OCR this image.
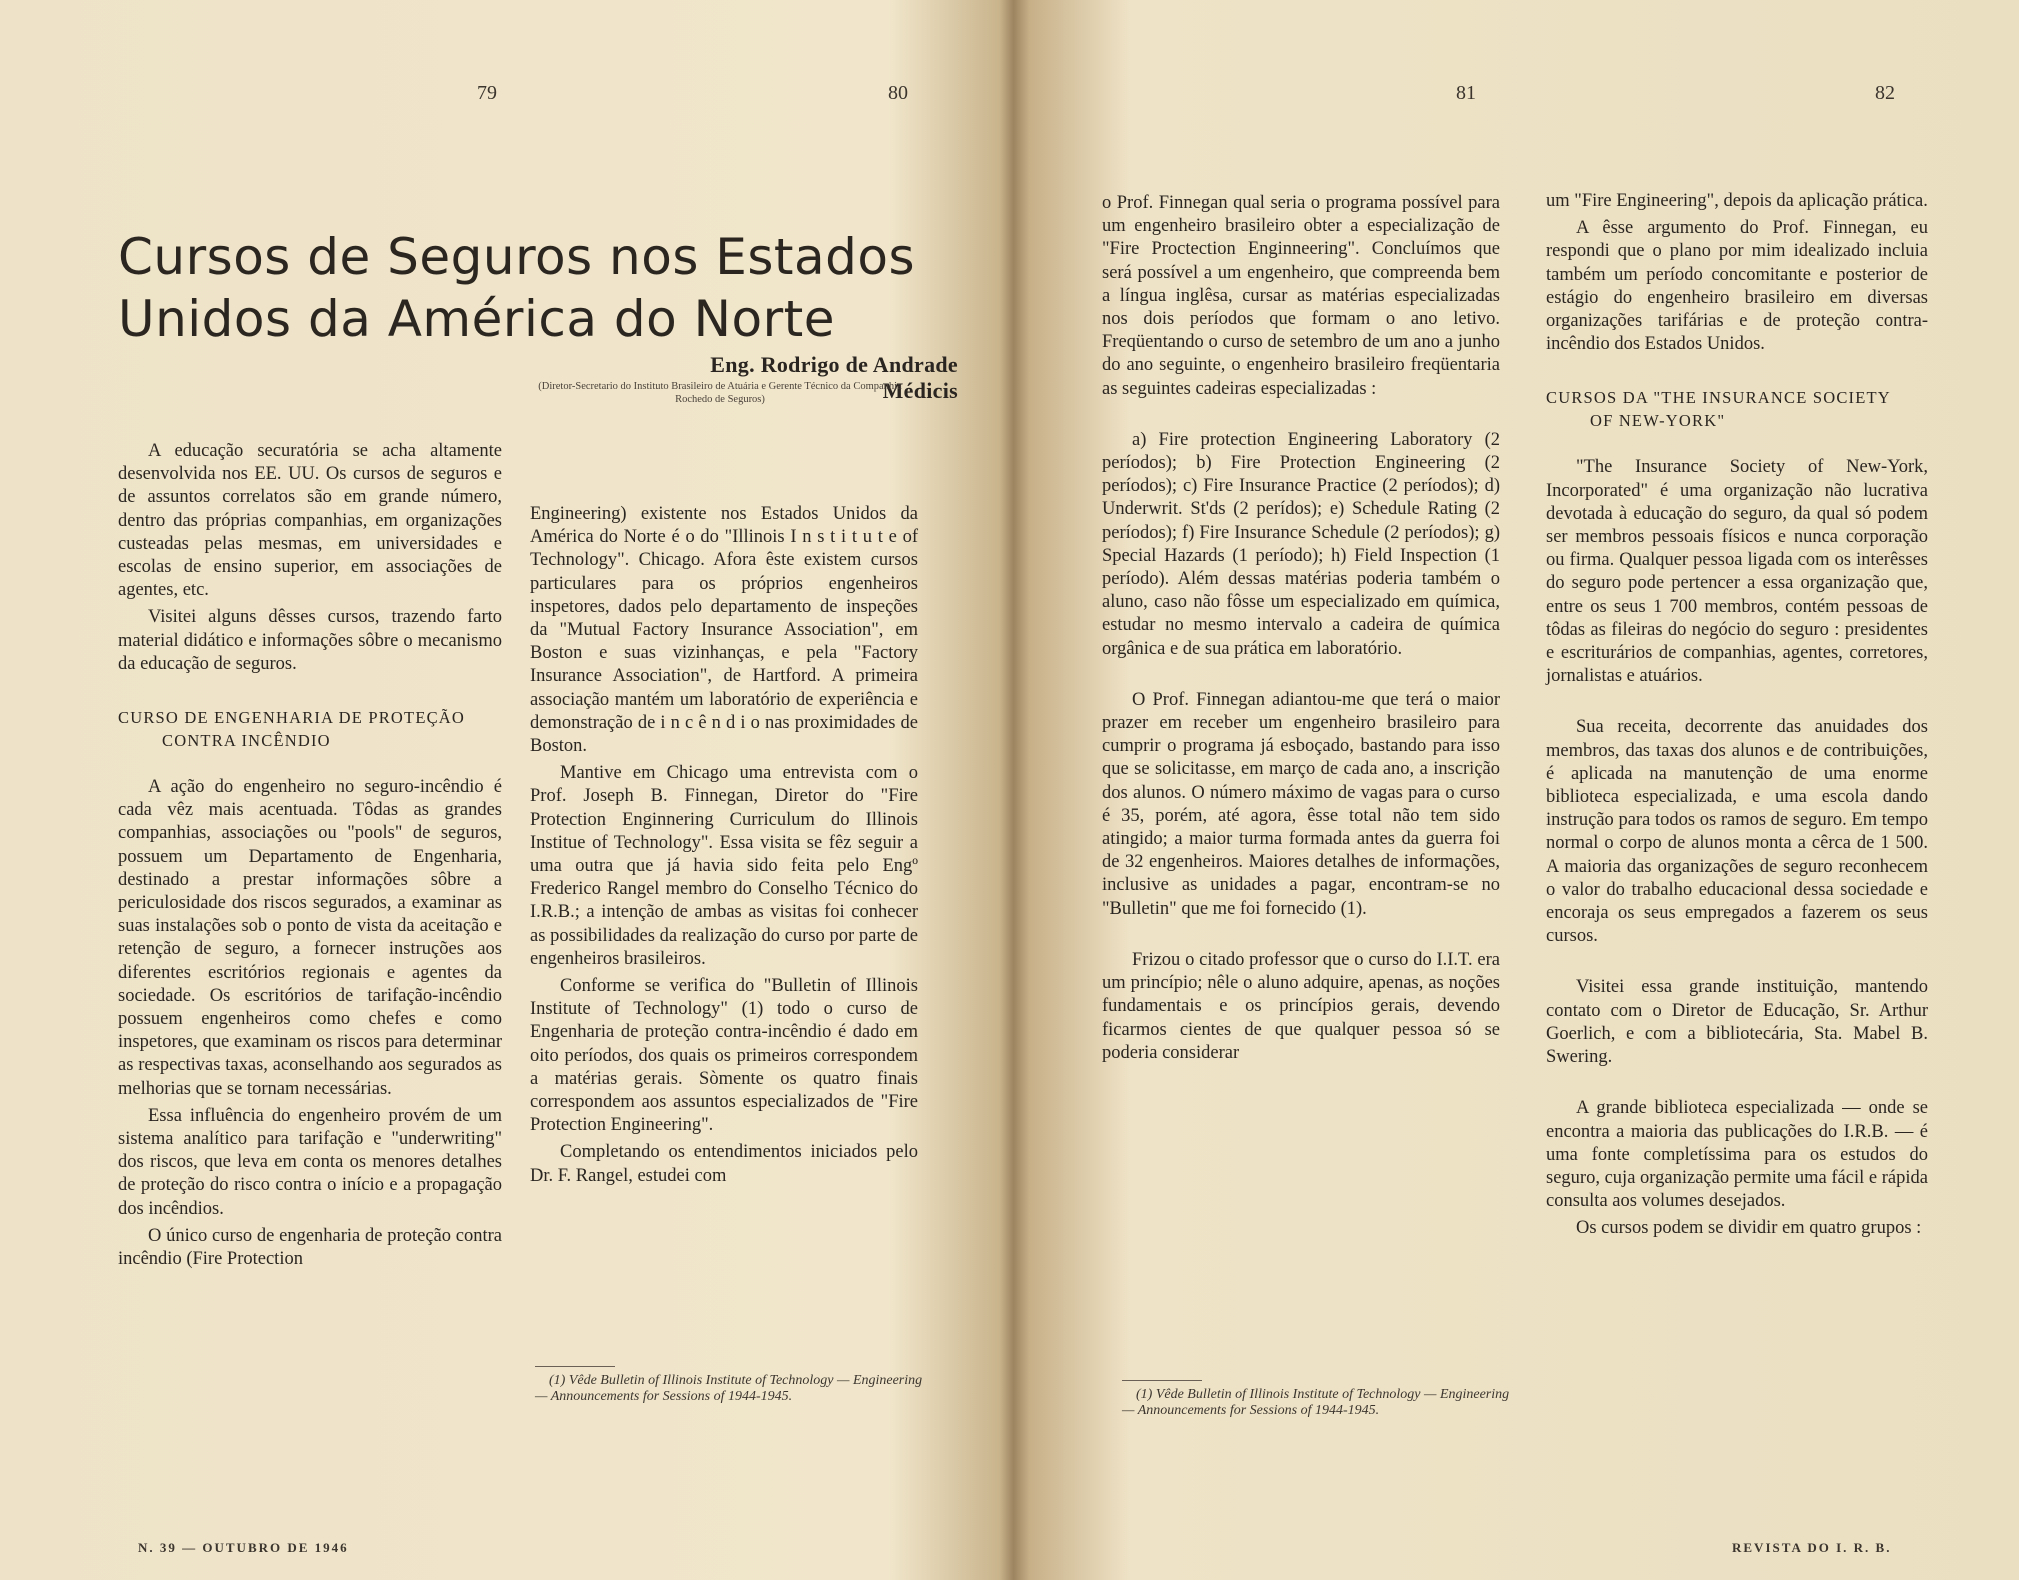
79	80
Cursos de Seguros nos Estados Unidos da América do Norte
Eng. Rodrigo de Andrade Médicis
(Diretor-Secretario do Instituto Brasileiro de Atuária e Gerente Técnico da Companhia Rochedo de Seguros)

A educação securatória se acha altamente desenvolvida nos EE. UU. Os cursos de seguros e de assuntos correlatos são em grande número, dentro das próprias companhias, em organizações custeadas pelas mesmas, em universidades e escolas de ensino superior, em associações de agentes, etc.

Visitei alguns dêsses cursos, trazendo farto material didático e informações sôbre o mecanismo da educação de seguros.

CURSO DE ENGENHARIA DE PROTEÇÃO
CONTRA INCÊNDIO

A ação do engenheiro no seguro-incêndio é cada vêz mais acentuada. Tôdas as grandes companhias, associações ou "pools" de seguros, possuem um Departamento de Engenharia, destinado a prestar informações sôbre a periculosidade dos riscos segurados, a examinar as suas instalações sob o ponto de vista da aceitação e retenção de seguro, a fornecer instruções aos diferentes escritórios regionais e agentes da sociedade. Os escritórios de tarifação-incêndio possuem engenheiros como chefes e como inspetores, que examinam os riscos para determinar as respectivas taxas, aconselhando aos segurados as melhorias que se tornam necessárias.

Essa influência do engenheiro provém de um sistema analítico para tarifação e "underwriting" dos riscos, que leva em conta os menores detalhes de proteção do risco contra o início e a propagação dos incêndios.

O único curso de engenharia de proteção contra incêndio (Fire Protection

Engineering) existente nos Estados Unidos da América do Norte é o do "Illinois I n s t i t u t e of Technology". Chicago. Afora êste existem cursos particulares para os próprios engenheiros inspetores, dados pelo departamento de inspeções da "Mutual Factory Insurance Association", em Boston e suas vizinhanças, e pela "Factory Insurance Association", de Hartford. A primeira associação mantém um laboratório de experiência e demonstração de i n c ê n d i o nas proximidades de Boston.

Mantive em Chicago uma entrevista com o Prof. Joseph B. Finnegan, Diretor do "Fire Protection Enginnering Curriculum do Illinois Institue of Technology". Essa visita se fêz seguir a uma outra que já havia sido feita pelo Engº Frederico Rangel membro do Conselho Técnico do I.R.B.; a intenção de ambas as visitas foi conhecer as possibilidades da realização do curso por parte de engenheiros brasileiros.

Conforme se verifica do "Bulletin of Illinois Institute of Technology" (1) todo o curso de Engenharia de proteção contra-incêndio é dado em oito períodos, dos quais os primeiros correspondem a matérias gerais. Sòmente os quatro finais correspondem aos assuntos especializados de "Fire Protection Engineering".

Completando os entendimentos iniciados pelo Dr. F. Rangel, estudei com

(1) Vêde Bulletin of Illinois Institute of Technology — Engineering — Announcements for Sessions of 1944-1945.
N. 39 — OUTUBRO DE 1946
81	82

o Prof. Finnegan qual seria o programa possível para um engenheiro brasileiro obter a especialização de "Fire Proctection Enginneering". Concluímos que será possível a um engenheiro, que compreenda bem a língua inglêsa, cursar as matérias especializadas nos dois períodos que formam o ano letivo. Freqüentando o curso de setembro de um ano a junho do ano seguinte, o engenheiro brasileiro freqüentaria as seguintes cadeiras especializadas :

a) Fire protection Engineering Laboratory (2 períodos); b) Fire Protection Engineering (2 períodos); c) Fire Insurance Practice (2 períodos); d) Underwrit. St'ds (2 perídos); e) Schedule Rating (2 períodos); f) Fire Insurance Schedule (2 períodos); g) Special Hazards (1 período); h) Field Inspection (1 período). Além dessas matérias poderia também o aluno, caso não fôsse um especializado em química, estudar no mesmo intervalo a cadeira de química orgânica e de sua prática em laboratório.

O Prof. Finnegan adiantou-me que terá o maior prazer em receber um engenheiro brasileiro para cumprir o programa já esboçado, bastando para isso que se solicitasse, em março de cada ano, a inscrição dos alunos. O número máximo de vagas para o curso é 35, porém, até agora, êsse total não tem sido atingido; a maior turma formada antes da guerra foi de 32 engenheiros. Maiores detalhes de informações, inclusive as unidades a pagar, encontram-se no "Bulletin" que me foi fornecido (1).

Frizou o citado professor que o curso do I.I.T. era um princípio; nêle o aluno adquire, apenas, as noções fundamentais e os princípios gerais, devendo ficarmos cientes de que qualquer pessoa só se poderia considerar

(1) Vêde Bulletin of Illinois Institute of Technology — Engineering — Announcements for Sessions of 1944-1945.

um "Fire Engineering", depois da aplicação prática.

A êsse argumento do Prof. Finnegan, eu respondi que o plano por mim idealizado incluia também um período concomitante e posterior de estágio do engenheiro brasileiro em diversas organizações tarifárias e de proteção contra-incêndio dos Estados Unidos.

CURSOS DA "THE INSURANCE SOCIETY
OF NEW-YORK"

"The Insurance Society of New-York, Incorporated" é uma organização não lucrativa devotada à educação do seguro, da qual só podem ser membros pessoais físicos e nunca corporação ou firma. Qualquer pessoa ligada com os interêsses do seguro pode pertencer a essa organização que, entre os seus 1 700 membros, contém pessoas de tôdas as fileiras do negócio do seguro : presidentes e escriturários de companhias, agentes, corretores, jornalistas e atuários.

Sua receita, decorrente das anuidades dos membros, das taxas dos alunos e de contribuições, é aplicada na manutenção de uma enorme biblioteca especializada, e uma escola dando instrução para todos os ramos de seguro. Em tempo normal o corpo de alunos monta a cêrca de 1 500. A maioria das organizações de seguro reconhecem o valor do trabalho educacional dessa sociedade e encoraja os seus empregados a fazerem os seus cursos.

Visitei essa grande instituição, mantendo contato com o Diretor de Educação, Sr. Arthur Goerlich, e com a bibliotecária, Sta. Mabel B. Swering.

A grande biblioteca especializada — onde se encontra a maioria das publicações do I.R.B. — é uma fonte completíssima para os estudos do seguro, cuja organização permite uma fácil e rápida consulta aos volumes desejados.

Os cursos podem se dividir em quatro grupos :

REVISTA DO I. R. B.
